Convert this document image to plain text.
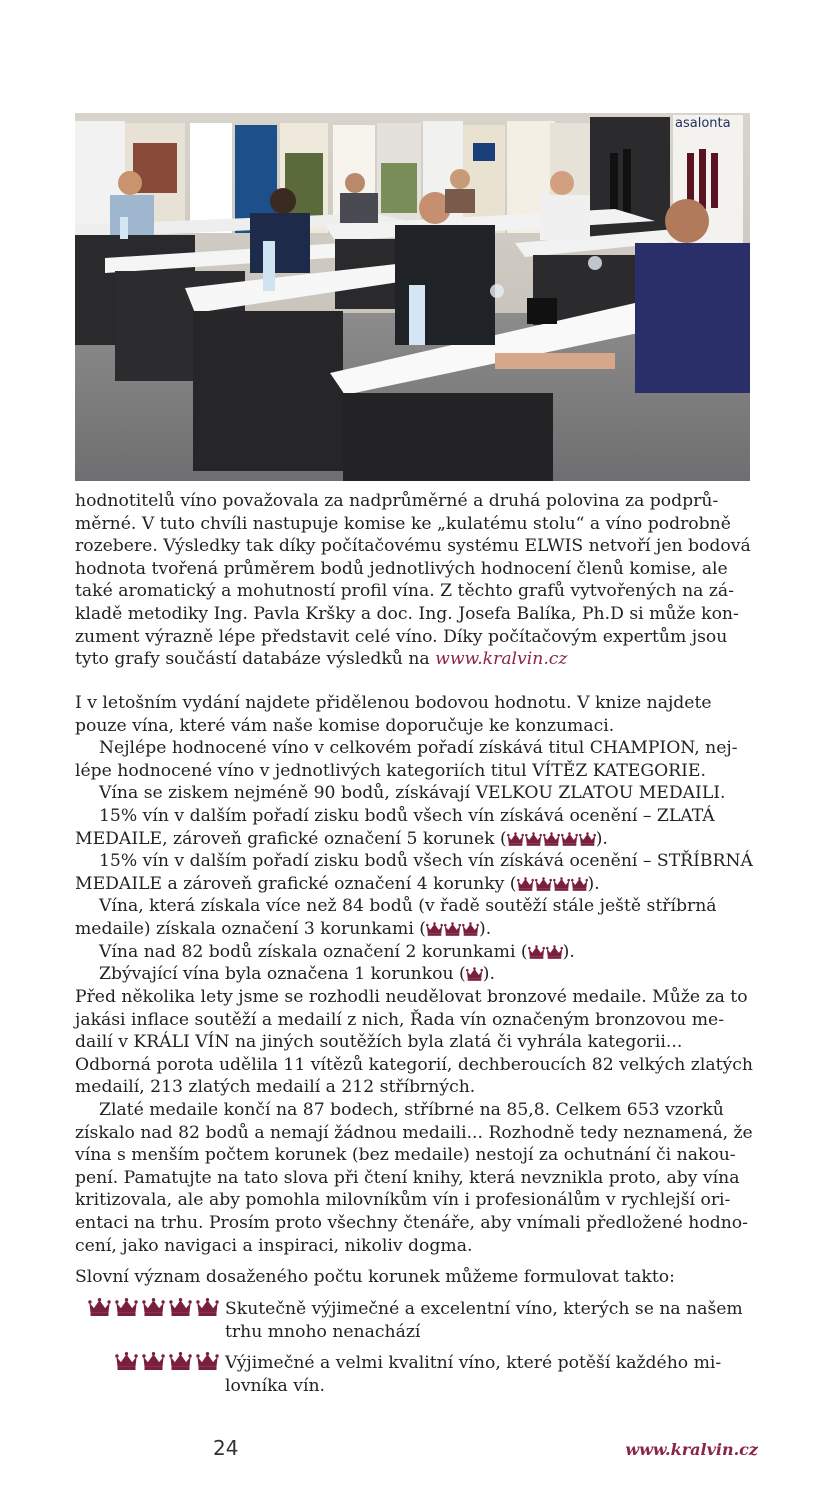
asalonta

hodnotitelů víno považovala za nadprůměrné a druhá polovina za podprůměrné. V tuto chvíli nastupuje komise ke „kulatému stolu“ a víno podrobně rozebere. Výsledky tak díky počítačovému systému ELWIS netvoří jen bodová hodnota tvořená průměrem bodů jednotlivých hodnocení členů komise, ale také aromatický a mohutností profil vína. Z těchto grafů vytvořených na základě metodiky Ing. Pavla Kršky a doc. Ing. Josefa Balíka, Ph.D si může konzument výrazně lépe představit celé víno. Díky počítačovým expertům jsou tyto grafy součástí databáze výsledků na www.kralvin.cz

I v letošním vydání najdete přidělenou bodovou hodnotu. V knize najdete pouze vína, které vám naše komise doporučuje ke konzumaci.

Nejlépe hodnocené víno v celkovém pořadí získává titul CHAMPION, nejlépe hodnocené víno v jednotlivých kategoriích titul VÍTĚZ KATEGORIE.

Vína se ziskem nejméně 90 bodů, získávají VELKOU ZLATOU MEDAILI.

15% vín v dalším pořadí zisku bodů všech vín získává ocenění – ZLATÁ MEDAILE, zároveň grafické označení 5 korunek (	).

15% vín v dalším pořadí zisku bodů všech vín získává ocenění – STŘÍBRNÁ MEDAILE a zároveň grafické označení 4 korunky (	).

Vína, která získala více než 84 bodů (v řadě soutěží stále ještě stříbrná medaile) získala označení 3 korunkami (	).

Vína nad 82 bodů získala označení 2 korunkami ( ).

Zbývající vína byla označena 1 korunkou ( ).

Před několika lety jsme se rozhodli neudělovat bronzové medaile. Může za to jakási inflace soutěží a medailí z nich, Řada vín označeným bronzovou medailí v KRÁLI VÍN na jiných soutěžích byla zlatá či vyhrála kategorii... Odborná porota udělila 11 vítězů kategorií, dechberoucích 82 velkých zlatých medailí, 213 zlatých medailí a 212 stříbrných.

Zlaté medaile končí na 87 bodech, stříbrné na 85,8. Celkem 653 vzorků získalo nad 82 bodů a nemají žádnou medaili... Rozhodně tedy neznamená, že vína s menším počtem korunek (bez medaile) nestojí za ochutnání či nakoupení. Pamatujte na tato slova při čtení knihy, která nevznikla proto, aby vína kritizovala, ale aby pomohla milovníkům vín i profesionálům v rychlejší orientaci na trhu. Prosím proto všechny čtenáře, aby vnímali předložené hodnocení, jako navigaci a inspiraci, nikoliv dogma.

Slovní význam dosaženého počtu korunek můžeme formulovat takto:
Skutečně výjimečné a excelentní víno, kterých se na našem trhu mnoho nenachází
Výjimečné a velmi kvalitní víno, které potěší každého milovníka vín.
24	www.kralvin.cz
